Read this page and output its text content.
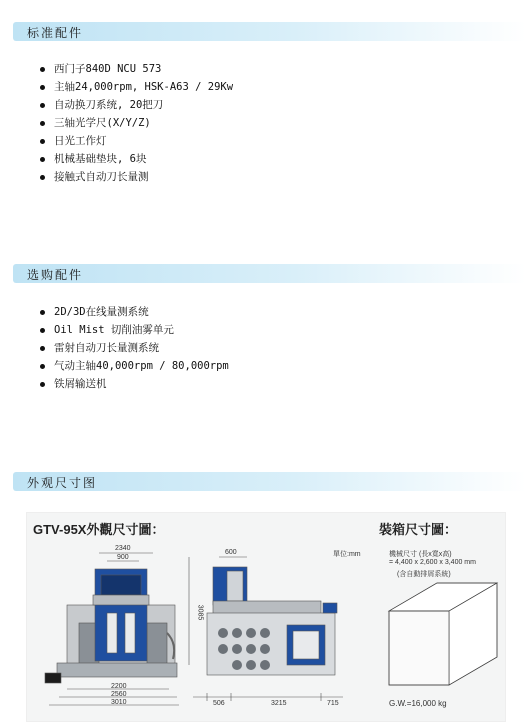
标准配件
西门子840D NCU 573
主轴24,000rpm, HSK-A63 / 29Kw
自动换刀系统, 20把刀
三轴光学尺(X/Y/Z)
日光工作灯
机械基础垫块, 6块
接触式自动刀长量测
选购配件
2D/3D在线量测系统
Oil Mist 切削油雾单元
雷射自动刀长量测系统
气动主轴40,000rpm / 80,000rpm
铁屑输送机
外观尺寸图
GTV-95X外觀尺寸圖：	裝箱尺寸圖：
單位:mm
2340
900
3085
2200
2560
3010
600
506	3215	715
機械尺寸 (長x寬x高)
= 4,400 x 2,600 x 3,400 mm
(含自動排屑系統)
G.W.=16,000 kg
